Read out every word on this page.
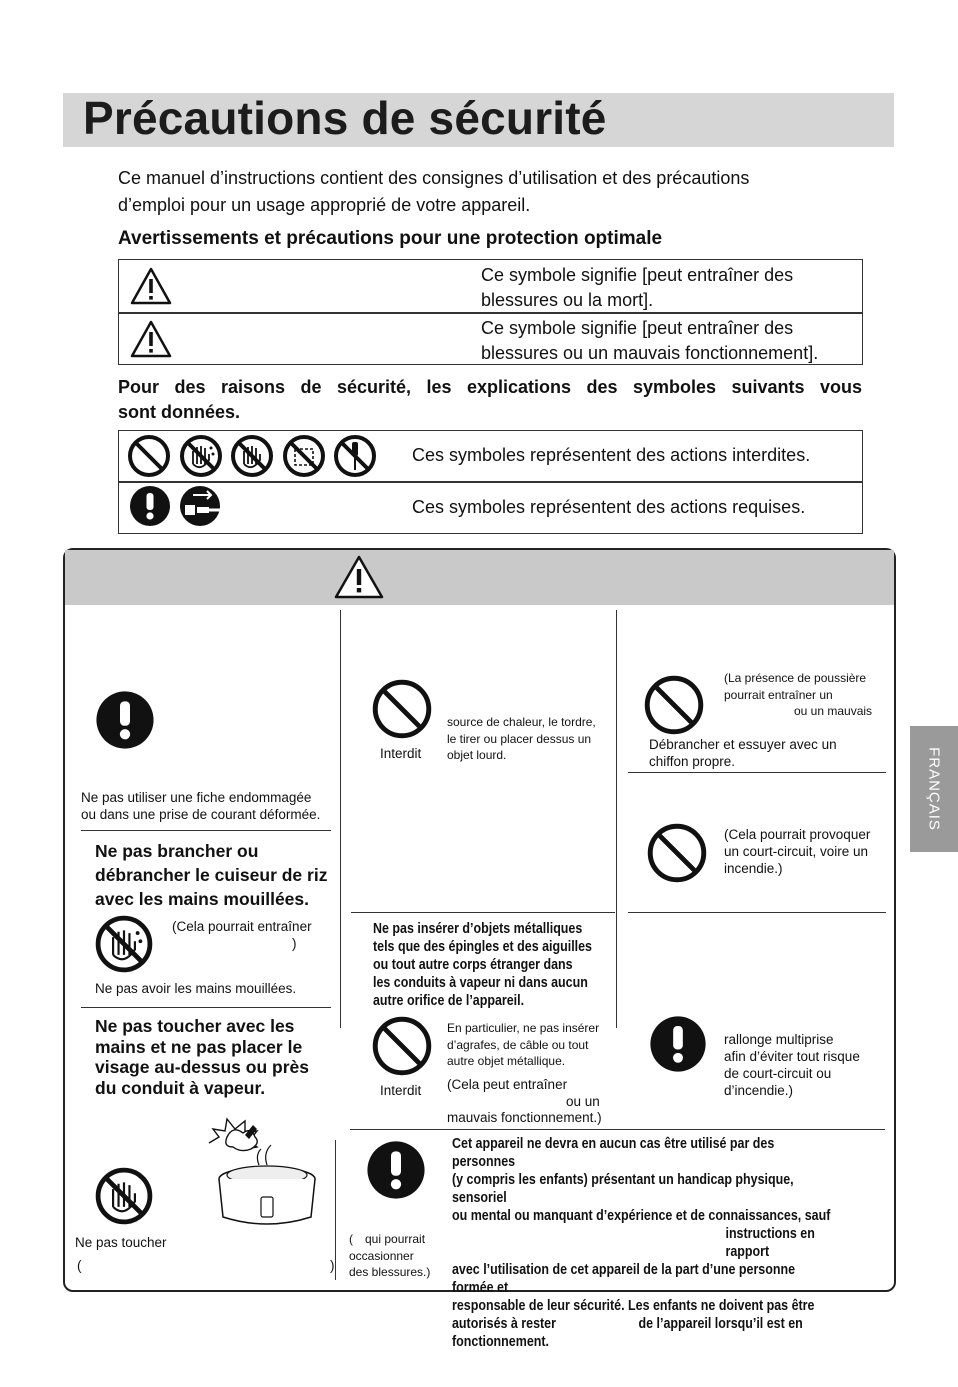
Précautions de sécurité
Ce manuel d’instructions contient des consignes d’utilisation et des précautions
d’emploi pour un usage approprié de votre appareil.
Avertissements et précautions pour une protection optimale
Ce symbole signifie [peut entraîner des
blessures ou la mort].
Ce symbole signifie [peut entraîner des
blessures ou un mauvais fonctionnement].
Pour des raisons de sécurité, les explications des symboles suivants vous
sont données.
Ces symboles représentent des actions interdites.
Ces symboles représentent des actions requises.
FRANÇAIS
Ne pas utiliser une fiche endommagée
ou dans une prise de courant déformée.
Ne pas brancher ou
débrancher le cuiseur de riz
avec les mains mouillées.
(Cela pourrait entraîner
)
Ne pas avoir les mains mouillées.
Ne pas toucher avec les
mains et ne pas placer le
visage au-dessus ou près
du conduit à vapeur.
Ne pas toucher
(	)
source de chaleur, le tordre,
le tirer ou placer dessus un
objet lourd.
Interdit
Ne pas insérer d’objets métalliques
tels que des épingles et des aiguilles
ou tout autre corps étranger dans
les conduits à vapeur ni dans aucun
autre orifice de l’appareil.
En particulier, ne pas insérer
d’agrafes, de câble ou tout
autre objet métallique.
(Cela peut entraîner
ou un
mauvais fonctionnement.)
Interdit
(La présence de poussière
pourrait entraîner un
ou un mauvais
Débrancher et essuyer avec un
chiffon propre.
(Cela pourrait provoquer
un court-circuit, voire un
incendie.)
rallonge multiprise
afin d’éviter tout risque
de court-circuit ou
d’incendie.)
( qui pourrait
occasionner
des blessures.)
Cet appareil ne devra en aucun cas être utilisé par des personnes
(y compris les enfants) présentant un handicap physique, sensoriel
ou mental ou manquant d’expérience et de connaissances, sauf
instructions en rapport
avec l’utilisation de cet appareil de la part d’une personne formée et
responsable de leur sécurité. Les enfants ne doivent pas être
autorisés à rester	de l’appareil lorsqu’il est en
fonctionnement.
